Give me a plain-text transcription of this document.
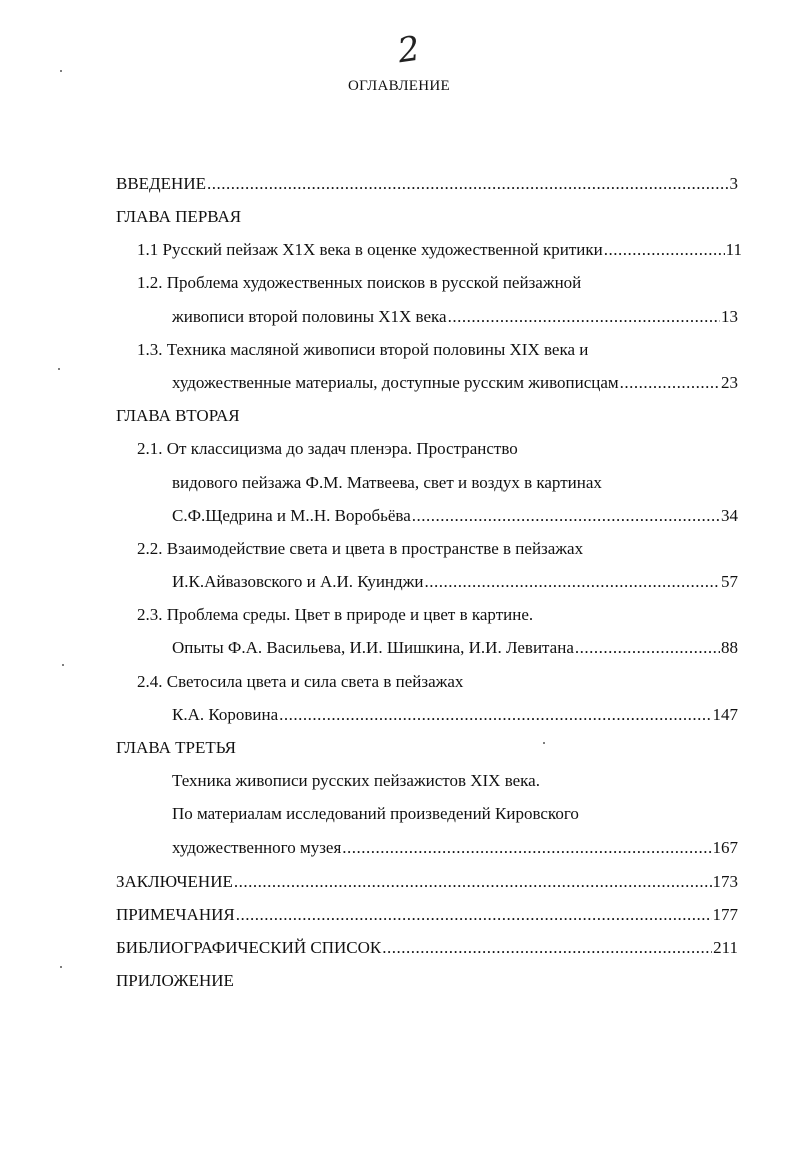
2
ОГЛАВЛЕНИЕ
ВВЕДЕНИЕ .....	3
ГЛАВА ПЕРВАЯ
1.1 Русский пейзаж Х1Х века в оценке художественной критики .....	11
1.2. Проблема художественных поисков в русской пейзажной
живописи второй половины Х1Х века .....	13
1.3. Техника масляной живописи второй половины XIX века и
художественные материалы, доступные русским живописцам .....	23
ГЛАВА ВТОРАЯ
2.1. От классицизма до задач пленэра. Пространство
видового пейзажа Ф.М. Матвеева, свет и воздух в картинах
С.Ф.Щедрина и М..Н. Воробьёва .....	34
2.2. Взаимодействие света и цвета в пространстве в пейзажах
И.К.Айвазовского и А.И. Куинджи .....	57
2.3. Проблема среды. Цвет в природе и цвет в картине.
Опыты Ф.А. Васильева, И.И. Шишкина, И.И. Левитана .....	88
2.4. Светосила цвета и сила света в пейзажах
К.А. Коровина .....	147
ГЛАВА ТРЕТЬЯ
Техника живописи русских пейзажистов XIX века.
По материалам исследований произведений Кировского
художественного музея .....	167
ЗАКЛЮЧЕНИЕ .....	173
ПРИМЕЧАНИЯ .....	177
БИБЛИОГРАФИЧЕСКИЙ СПИСОК .....	211
ПРИЛОЖЕНИЕ
